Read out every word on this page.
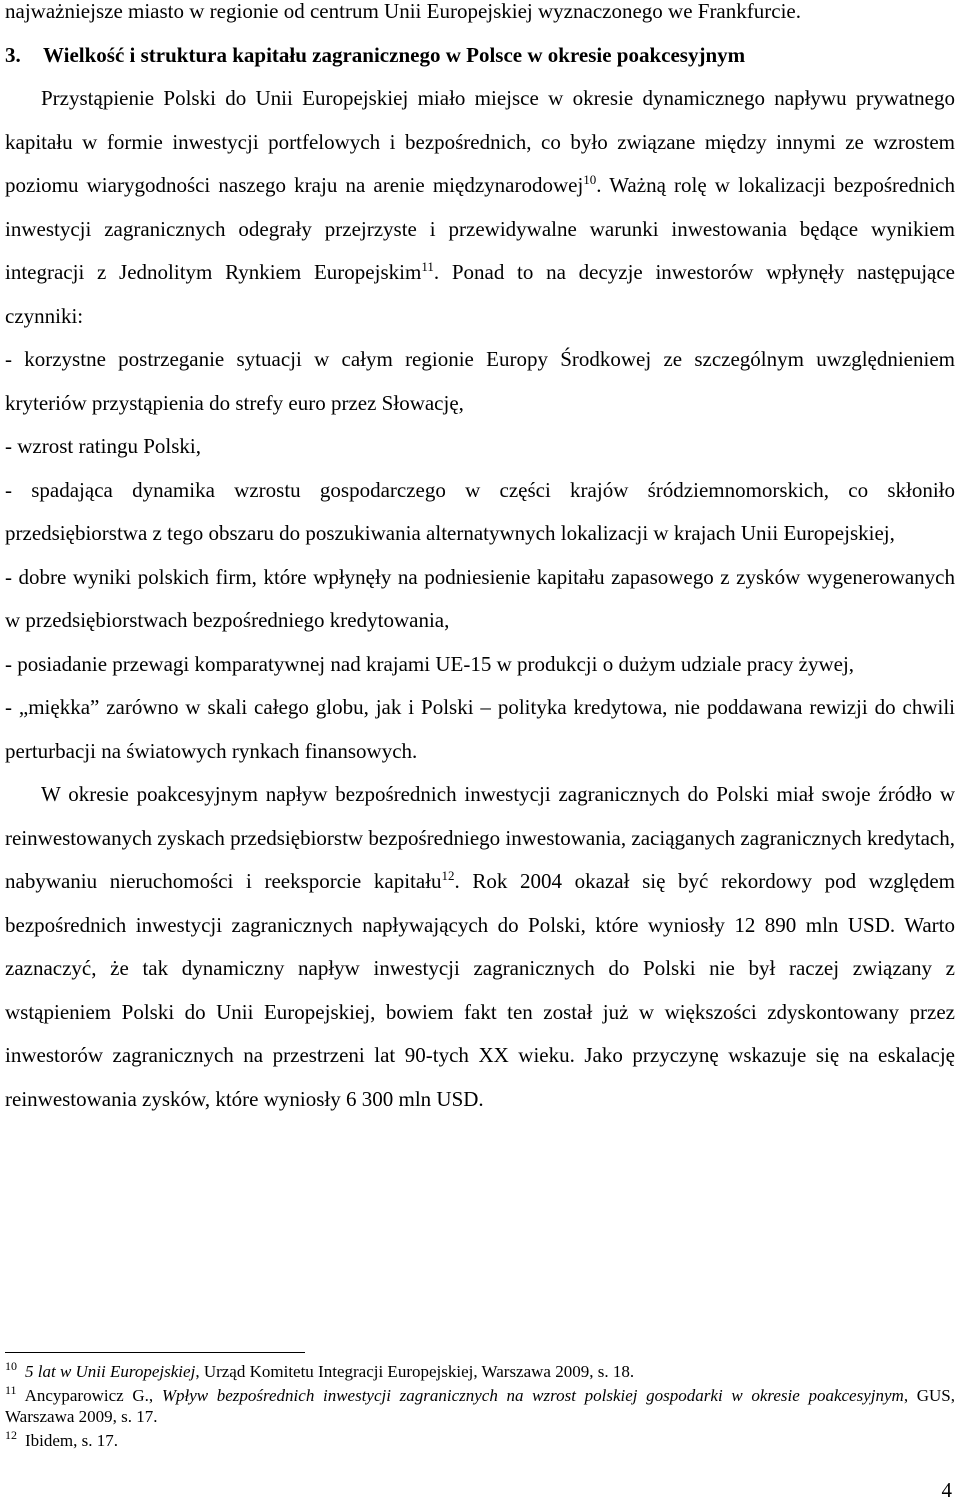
najważniejsze miasto w regionie od centrum Unii Europejskiej wyznaczonego we Frankfurcie.

3. Wielkość i struktura kapitału zagranicznego w Polsce w okresie poakcesyjnym

Przystąpienie Polski do Unii Europejskiej miało miejsce w okresie dynamicznego napływu prywatnego kapitału w formie inwestycji portfelowych i bezpośrednich, co było związane między innymi ze wzrostem poziomu wiarygodności naszego kraju na arenie międzynarodowej$^{10}$. Ważną rolę w lokalizacji bezpośrednich inwestycji zagranicznych odegrały przejrzyste i przewidywalne warunki inwestowania będące wynikiem integracji z Jednolitym Rynkiem Europejskim$^{11}$. Ponad to na decyzje inwestorów wpłynęły następujące czynniki:

- korzystne postrzeganie sytuacji w całym regionie Europy Środkowej ze szczególnym uwzględnieniem kryteriów przystąpienia do strefy euro przez Słowację,

- wzrost ratingu Polski,

- spadająca dynamika wzrostu gospodarczego w części krajów śródziemnomorskich, co skłoniło przedsiębiorstwa z tego obszaru do poszukiwania alternatywnych lokalizacji w krajach Unii Europejskiej,

- dobre wyniki polskich firm, które wpłynęły na podniesienie kapitału zapasowego z zysków wygenerowanych w przedsiębiorstwach bezpośredniego kredytowania,

- posiadanie przewagi komparatywnej nad krajami UE-15 w produkcji o dużym udziale pracy żywej,

- „miękka” zarówno w skali całego globu, jak i Polski – polityka kredytowa, nie poddawana rewizji do chwili perturbacji na światowych rynkach finansowych.

W okresie poakcesyjnym napływ bezpośrednich inwestycji zagranicznych do Polski miał swoje źródło w reinwestowanych zyskach przedsiębiorstw bezpośredniego inwestowania, zaciąganych zagranicznych kredytach, nabywaniu nieruchomości i reeksporcie kapitału$^{12}$. Rok 2004 okazał się być rekordowy pod względem bezpośrednich inwestycji zagranicznych napływających do Polski, które wyniosły 12 890 mln USD. Warto zaznaczyć, że tak dynamiczny napływ inwestycji zagranicznych do Polski nie był raczej związany z wstąpieniem Polski do Unii Europejskiej, bowiem fakt ten został już w większości zdyskontowany przez inwestorów zagranicznych na przestrzeni lat 90-tych XX wieku. Jako przyczynę wskazuje się na eskalację reinwestowania zysków, które wyniosły 6 300 mln USD.

$^{10}$ 5 lat w Unii Europejskiej, Urząd Komitetu Integracji Europejskiej, Warszawa 2009, s. 18.

$^{11}$ Ancyparowicz G., Wpływ bezpośrednich inwestycji zagranicznych na wzrost polskiej gospodarki w okresie poakcesyjnym, GUS, Warszawa 2009, s. 17.

$^{12}$ Ibidem, s. 17.

4
